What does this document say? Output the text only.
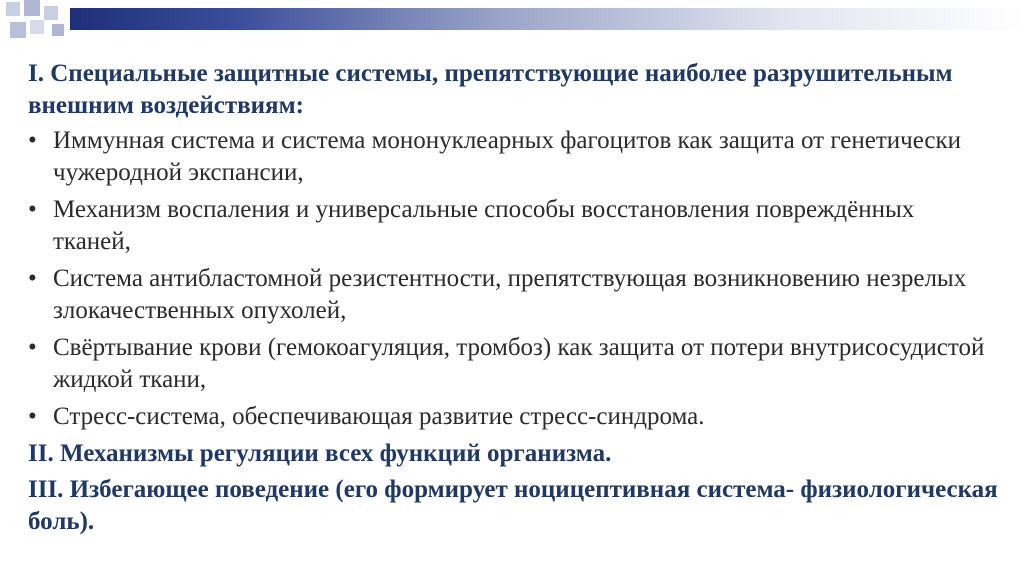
I. Специальные защитные системы, препятствующие наиболее разрушительным внешним воздействиям:

• Иммунная система и система мононуклеарных фагоцитов как защита от генетически чужеродной экспансии,
• Механизм воспаления и универсальные способы восстановления повреждённых тканей,
• Система антибластомной резистентности, препятствующая возникновению незрелых злокачественных опухолей,
• Свёртывание крови (гемокоагуляция, тромбоз) как защита от потери внутрисосудистой жидкой ткани,
• Стресс-система, обеспечивающая развитие стресс-синдрома.

II. Механизмы регуляции всех функций организма.

III. Избегающее поведение (его формирует ноцицептивная система- физиологическая боль).
